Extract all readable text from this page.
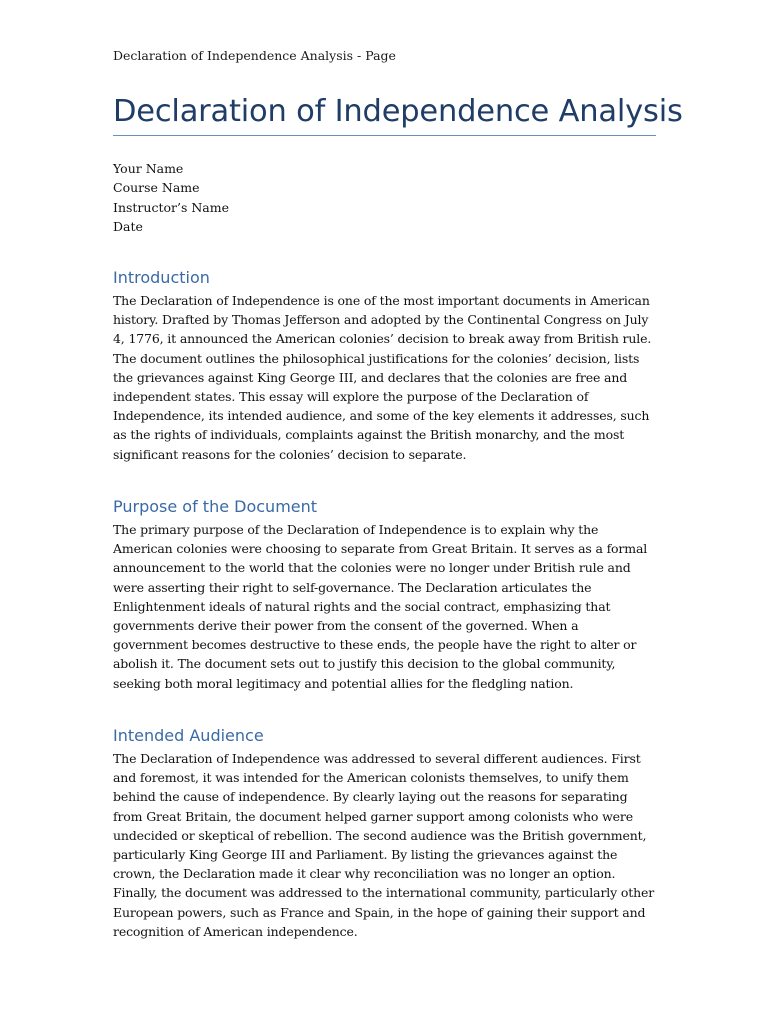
Declaration of Independence Analysis - Page
Declaration of Independence Analysis
Your Name
Course Name
Instructor’s Name
Date
Introduction

The Declaration of Independence is one of the most important documents in American history. Drafted by Thomas Jefferson and adopted by the Continental Congress on July 4, 1776, it announced the American colonies’ decision to break away from British rule. The document outlines the philosophical justifications for the colonies’ decision, lists the grievances against King George III, and declares that the colonies are free and independent states. This essay will explore the purpose of the Declaration of Independence, its intended audience, and some of the key elements it addresses, such as the rights of individuals, complaints against the British monarchy, and the most significant reasons for the colonies’ decision to separate.

Purpose of the Document

The primary purpose of the Declaration of Independence is to explain why the American colonies were choosing to separate from Great Britain. It serves as a formal announcement to the world that the colonies were no longer under British rule and were asserting their right to self-governance. The Declaration articulates the Enlightenment ideals of natural rights and the social contract, emphasizing that governments derive their power from the consent of the governed. When a government becomes destructive to these ends, the people have the right to alter or abolish it. The document sets out to justify this decision to the global community, seeking both moral legitimacy and potential allies for the fledgling nation.

Intended Audience

The Declaration of Independence was addressed to several different audiences. First and foremost, it was intended for the American colonists themselves, to unify them behind the cause of independence. By clearly laying out the reasons for separating from Great Britain, the document helped garner support among colonists who were undecided or skeptical of rebellion. The second audience was the British government, particularly King George III and Parliament. By listing the grievances against the crown, the Declaration made it clear why reconciliation was no longer an option. Finally, the document was addressed to the international community, particularly other European powers, such as France and Spain, in the hope of gaining their support and recognition of American independence.
